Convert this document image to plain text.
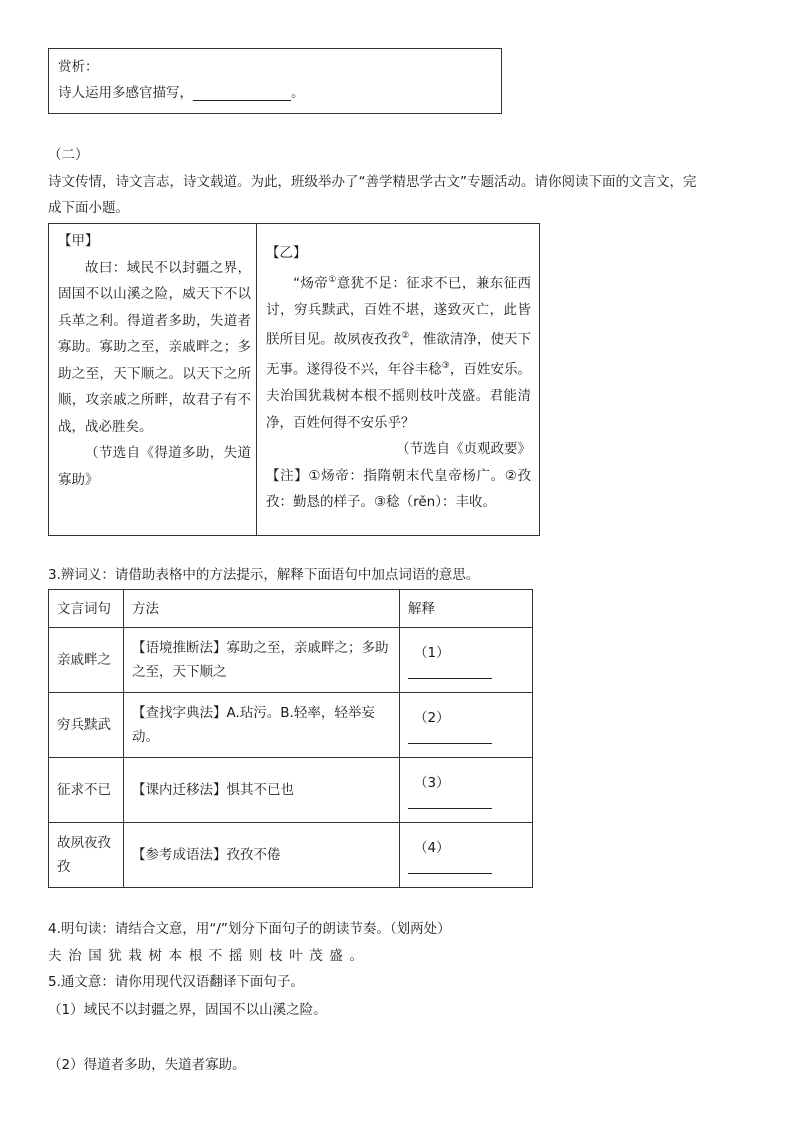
赏析：
诗人运用多感官描写，	。
（二）
诗文传情，诗文言志，诗文载道。为此，班级举办了“善学精思学古文”专题活动。请你阅读下面的文言文，完
成下面小题。
【甲】
故曰：域民不以封疆之界，固国不以山溪之险，威天下不以兵革之利。得道者多助，失道者寡助。寡助之至，亲戚畔之；多助之至，天下顺之。以天下之所顺，攻亲戚之所畔，故君子有不战，战必胜矣。
（节选自《得道多助，失道寡助》
【乙】
“炀帝①意犹不足：征求不已，兼东征西讨，穷兵黩武，百姓不堪，遂致灭亡，此皆朕所目见。故夙夜孜孜②，惟欲清净，使天下无事。遂得役不兴，年谷丰稔③，百姓安乐。夫治国犹栽树本根不摇则枝叶茂盛。君能清净，百姓何得不安乐乎？
（节选自《贞观政要》
【注】①炀帝：指隋朝末代皇帝杨广。②孜孜：勤恳的样子。③稔（rěn）：丰收。
3.辨词义：请借助表格中的方法提示，解释下面语句中加点词语的意思。
文言词句	方法	解释
亲戚畔之	【语境推断法】寡助之至，亲戚畔之；多助之至，天下顺之	（1）

穷兵黩武	【查找字典法】A.玷污。B.轻率，轻举妄动。	（2）

征求不已	【课内迁移法】惧其不已也	（3）

故夙夜孜孜	【参考成语法】孜孜不倦	（4）
4.明句读：请结合文意，用“/”划分下面句子的朗读节奏。（划两处）
夫治国犹栽树本根不摇则枝叶茂盛。
5.通文意：请你用现代汉语翻译下面句子。
（1）域民不以封疆之界，固国不以山溪之险。
（2）得道者多助，失道者寡助。
